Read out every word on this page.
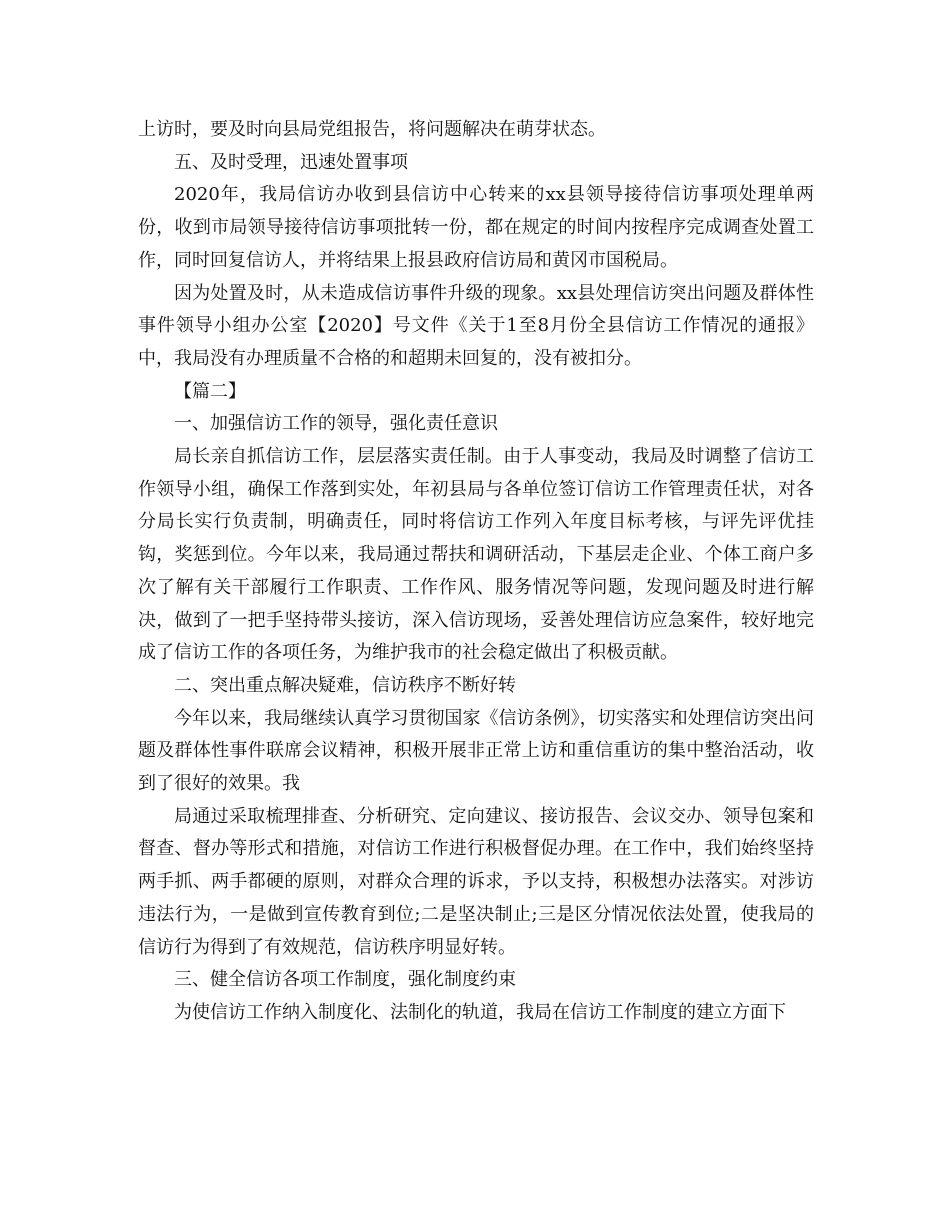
上访时，要及时向县局党组报告，将问题解决在萌芽状态。

五、及时受理，迅速处置事项

2020年，我局信访办收到县信访中心转来的xx县领导接待信访事项处理单两份，收到市局领导接待信访事项批转一份，都在规定的时间内按程序完成调查处置工作，同时回复信访人，并将结果上报县政府信访局和黄冈市国税局。

因为处置及时，从未造成信访事件升级的现象。xx县处理信访突出问题及群体性事件领导小组办公室【2020】号文件《关于1至8月份全县信访工作情况的通报》中，我局没有办理质量不合格的和超期未回复的，没有被扣分。

【篇二】

一、加强信访工作的领导，强化责任意识

局长亲自抓信访工作，层层落实责任制。由于人事变动，我局及时调整了信访工作领导小组，确保工作落到实处，年初县局与各单位签订信访工作管理责任状，对各分局长实行负责制，明确责任，同时将信访工作列入年度目标考核，与评先评优挂钩，奖惩到位。今年以来，我局通过帮扶和调研活动，下基层走企业、个体工商户多次了解有关干部履行工作职责、工作作风、服务情况等问题，发现问题及时进行解决，做到了一把手坚持带头接访，深入信访现场，妥善处理信访应急案件，较好地完成了信访工作的各项任务，为维护我市的社会稳定做出了积极贡献。

二、突出重点解决疑难，信访秩序不断好转

今年以来，我局继续认真学习贯彻国家《信访条例》，切实落实和处理信访突出问题及群体性事件联席会议精神，积极开展非正常上访和重信重访的集中整治活动，收到了很好的效果。我

局通过采取梳理排查、分析研究、定向建议、接访报告、会议交办、领导包案和督查、督办等形式和措施，对信访工作进行积极督促办理。在工作中，我们始终坚持两手抓、两手都硬的原则，对群众合理的诉求，予以支持，积极想办法落实。对涉访违法行为，一是做到宣传教育到位;二是坚决制止;三是区分情况依法处置，使我局的信访行为得到了有效规范，信访秩序明显好转。

三、健全信访各项工作制度，强化制度约束

为使信访工作纳入制度化、法制化的轨道，我局在信访工作制度的建立方面下
